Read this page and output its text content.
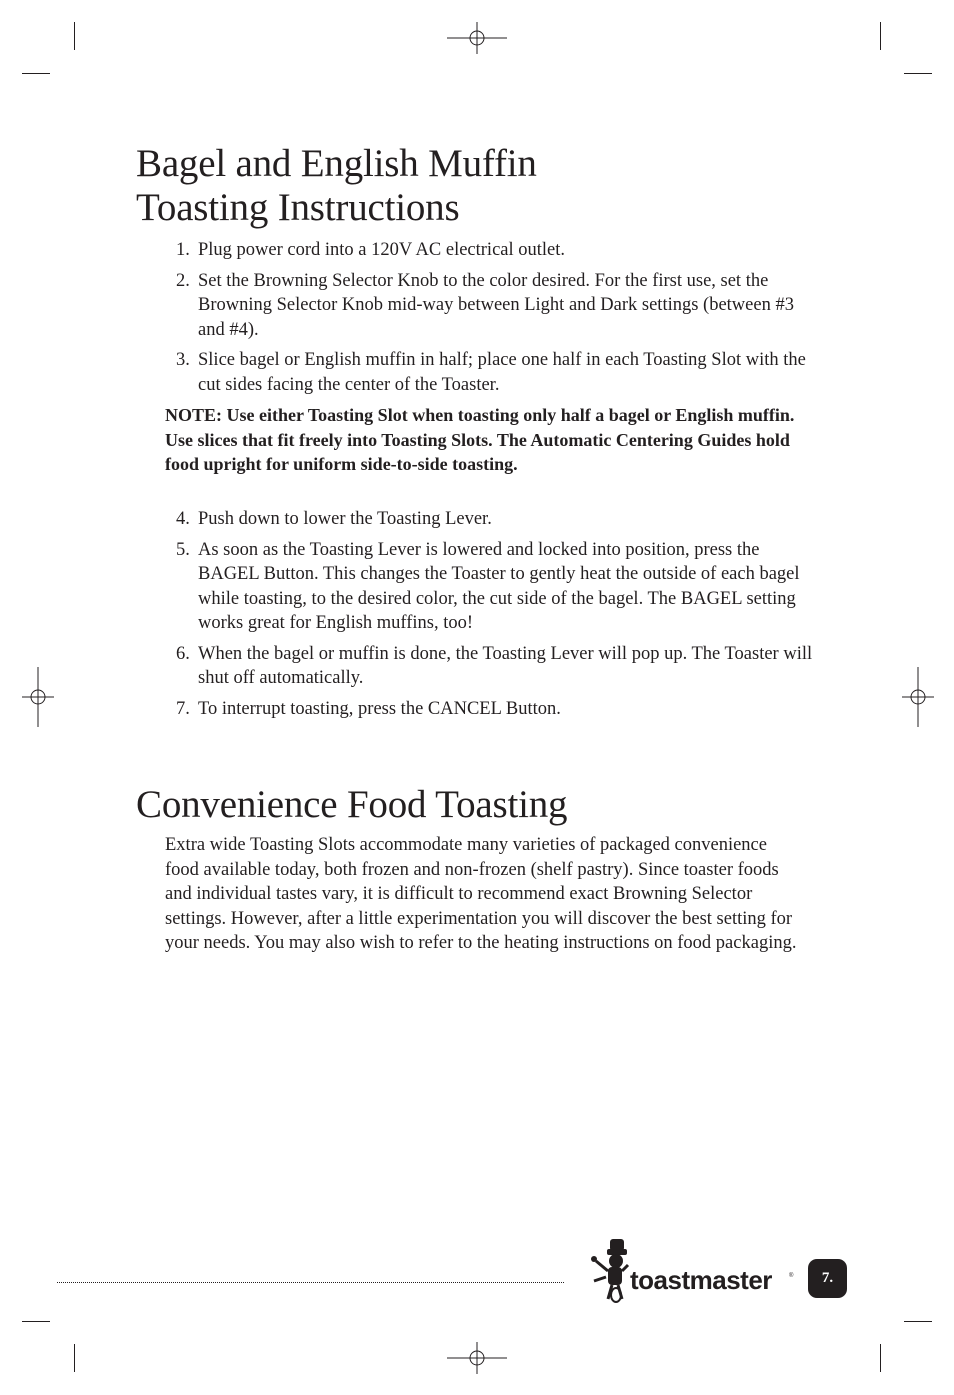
Bagel and English Muffin
Toasting Instructions
1. Plug power cord into a 120V AC electrical outlet.
2. Set the Browning Selector Knob to the color desired. For the first use, set the Browning Selector Knob mid-way between Light and Dark settings (between #3 and #4).
3. Slice bagel or English muffin in half; place one half in each Toasting Slot with the cut sides facing the center of the Toaster.

NOTE: Use either Toasting Slot when toasting only half a bagel or English muffin. Use slices that fit freely into Toasting Slots. The Automatic Centering Guides hold food upright for uniform side-to-side toasting.

4. Push down to lower the Toasting Lever.
5. As soon as the Toasting Lever is lowered and locked into position, press the BAGEL Button. This changes the Toaster to gently heat the outside of each bagel while toasting, to the desired color, the cut side of the bagel. The BAGEL setting works great for English muffins, too!
6. When the bagel or muffin is done, the Toasting Lever will pop up. The Toaster will shut off automatically.
7. To interrupt toasting, press the CANCEL Button.
Convenience Food Toasting

Extra wide Toasting Slots accommodate many varieties of packaged convenience food available today, both frozen and non-frozen (shelf pastry). Since toaster foods and individual tastes vary, it is difficult to recommend exact Browning Selector settings. However, after a little experimentation you will discover the best setting for your needs. You may also wish to refer to the heating instructions on food packaging.

toastmaster	®	7.
